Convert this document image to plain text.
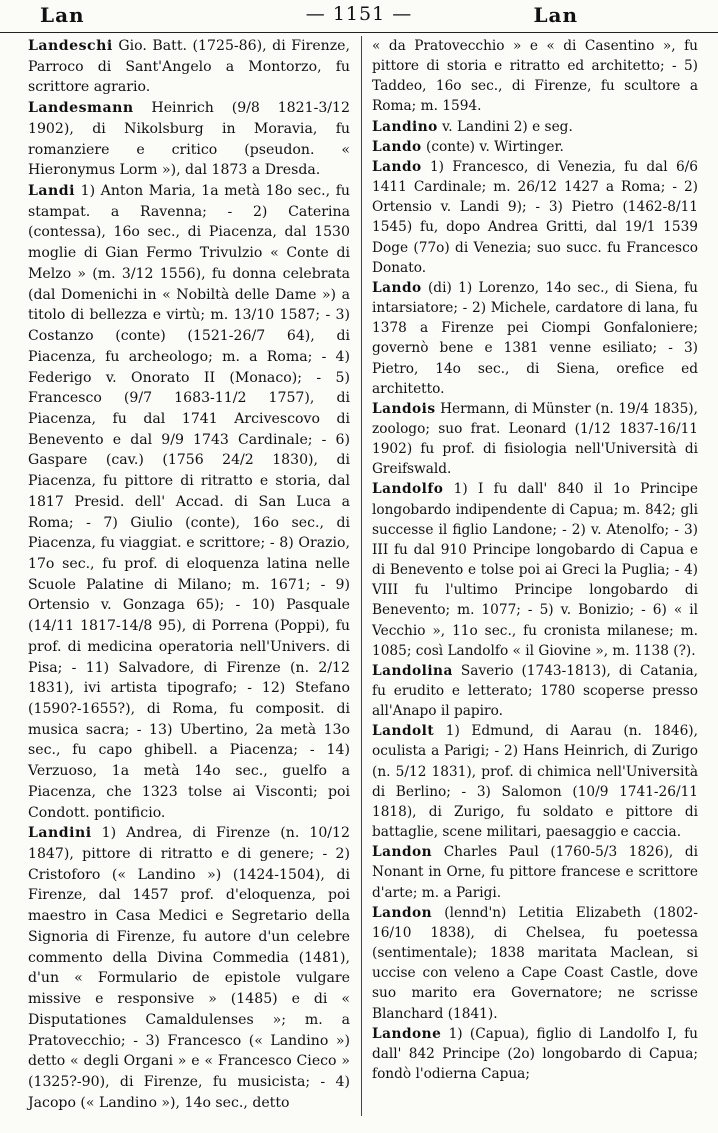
Lan	— 1151 —	Lan

Landeschi Gio. Batt. (1725-86), di Firenze, Parroco di Sant'Angelo a Montorzo, fu scrittore agrario.

Landesmann Heinrich (9/8 1821-3/12 1902), di Nikolsburg in Moravia, fu romanziere e critico (pseudon. « Hieronymus Lorm »), dal 1873 a Dresda.

Landi 1) Anton Maria, 1a metà 18o sec., fu stampat. a Ravenna; - 2) Caterina (contessa), 16o sec., di Piacenza, dal 1530 moglie di Gian Fermo Trivulzio « Conte di Melzo » (m. 3/12 1556), fu donna celebrata (dal Domenichi in « Nobiltà delle Dame ») a titolo di bellezza e virtù; m. 13/10 1587; - 3) Costanzo (conte) (1521-26/7 64), di Piacenza, fu archeologo; m. a Roma; - 4) Federigo v. Onorato II (Monaco); - 5) Francesco (9/7 1683-11/2 1757), di Piacenza, fu dal 1741 Arcivescovo di Benevento e dal 9/9 1743 Cardinale; - 6) Gaspare (cav.) (1756 24/2 1830), di Piacenza, fu pittore di ritratto e storia, dal 1817 Presid. dell' Accad. di San Luca a Roma; - 7) Giulio (conte), 16o sec., di Piacenza, fu viaggiat. e scrittore; - 8) Orazio, 17o sec., fu prof. di eloquenza latina nelle Scuole Palatine di Milano; m. 1671; - 9) Ortensio v. Gonzaga 65); - 10) Pasquale (14/11 1817-14/8 95), di Porrena (Poppi), fu prof. di medicina operatoria nell'Univers. di Pisa; - 11) Salvadore, di Firenze (n. 2/12 1831), ivi artista tipografo; - 12) Stefano (1590?-1655?), di Roma, fu composit. di musica sacra; - 13) Ubertino, 2a metà 13o sec., fu capo ghibell. a Piacenza; - 14) Verzuoso, 1a metà 14o sec., guelfo a Piacenza, che 1323 tolse ai Visconti; poi Condott. pontificio.

Landini 1) Andrea, di Firenze (n. 10/12 1847), pittore di ritratto e di genere; - 2) Cristoforo (« Landino ») (1424-1504), di Firenze, dal 1457 prof. d'eloquenza, poi maestro in Casa Medici e Segretario della Signoria di Firenze, fu autore d'un celebre commento della Divina Commedia (1481), d'un « Formulario de epistole vulgare missive e responsive » (1485) e di « Disputationes Camaldulenses »; m. a Pratovecchio; - 3) Francesco (« Landino ») detto « degli Organi » e « Francesco Cieco » (1325?-90), di Firenze, fu musicista; - 4) Jacopo (« Landino »), 14o sec., detto

« da Pratovecchio » e « di Casentino », fu pittore di storia e ritratto ed architetto; - 5) Taddeo, 16o sec., di Firenze, fu scultore a Roma; m. 1594.

Landino v. Landini 2) e seg.

Lando (conte) v. Wirtinger.

Lando 1) Francesco, di Venezia, fu dal 6/6 1411 Cardinale; m. 26/12 1427 a Roma; - 2) Ortensio v. Landi 9); - 3) Pietro (1462-8/11 1545) fu, dopo Andrea Gritti, dal 19/1 1539 Doge (77o) di Venezia; suo succ. fu Francesco Donato.

Lando (di) 1) Lorenzo, 14o sec., di Siena, fu intarsiatore; - 2) Michele, cardatore di lana, fu 1378 a Firenze pei Ciompi Gonfaloniere; governò bene e 1381 venne esiliato; - 3) Pietro, 14o sec., di Siena, orefice ed architetto.

Landois Hermann, di Münster (n. 19/4 1835), zoologo; suo frat. Leonard (1/12 1837-16/11 1902) fu prof. di fisiologia nell'Università di Greifswald.

Landolfo 1) I fu dall' 840 il 1o Principe longobardo indipendente di Capua; m. 842; gli successe il figlio Landone; - 2) v. Atenolfo; - 3) III fu dal 910 Principe longobardo di Capua e di Benevento e tolse poi ai Greci la Puglia; - 4) VIII fu l'ultimo Principe longobardo di Benevento; m. 1077; - 5) v. Bonizio; - 6) « il Vecchio », 11o sec., fu cronista milanese; m. 1085; così Landolfo « il Giovine », m. 1138 (?).

Landolina Saverio (1743-1813), di Catania, fu erudito e letterato; 1780 scoperse presso all'Anapo il papiro.

Landolt 1) Edmund, di Aarau (n. 1846), oculista a Parigi; - 2) Hans Heinrich, di Zurigo (n. 5/12 1831), prof. di chimica nell'Università di Berlino; - 3) Salomon (10/9 1741-26/11 1818), di Zurigo, fu soldato e pittore di battaglie, scene militari, paesaggio e caccia.

Landon Charles Paul (1760-5/3 1826), di Nonant in Orne, fu pittore francese e scrittore d'arte; m. a Parigi.

Landon (lennd'n) Letitia Elizabeth (1802-16/10 1838), di Chelsea, fu poetessa (sentimentale); 1838 maritata Maclean, si uccise con veleno a Cape Coast Castle, dove suo marito era Governatore; ne scrisse Blanchard (1841).

Landone 1) (Capua), figlio di Landolfo I, fu dall' 842 Principe (2o) longobardo di Capua; fondò l'odierna Capua;
